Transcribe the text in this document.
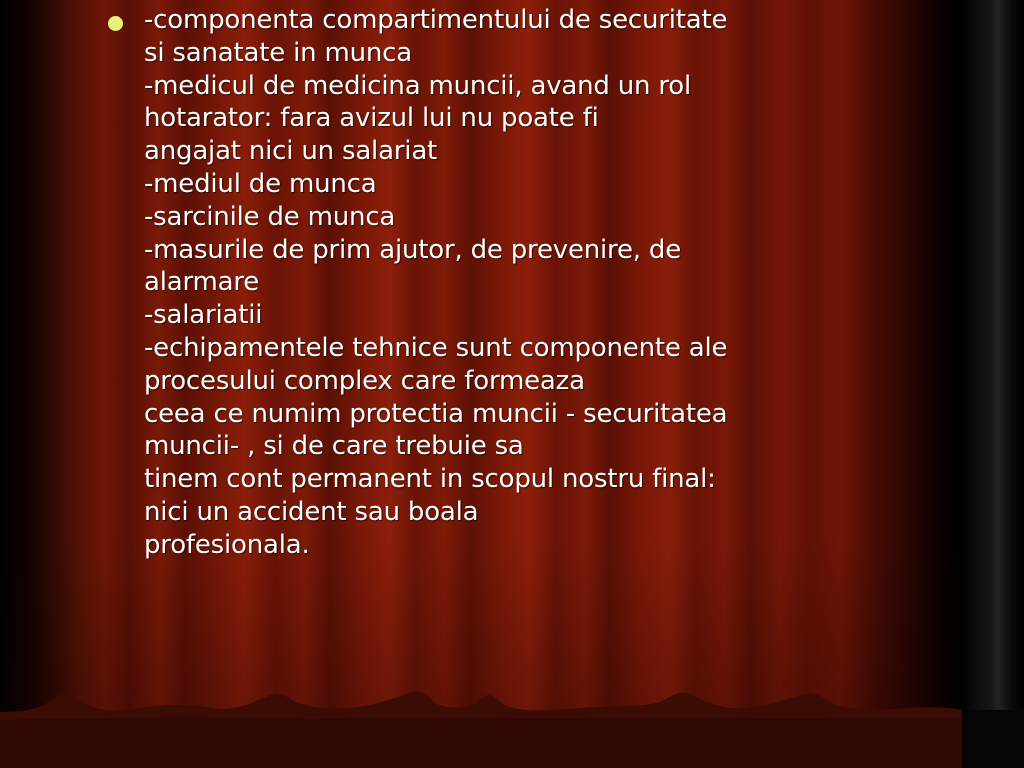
-componenta compartimentului de securitate
si sanatate in munca
-medicul de medicina muncii, avand un rol
hotarator: fara avizul lui nu poate fi
angajat nici un salariat
-mediul de munca
-sarcinile de munca
-masurile de prim ajutor, de prevenire, de
alarmare
-salariatii
-echipamentele tehnice sunt componente ale
procesului complex care formeaza
ceea ce numim protectia muncii - securitatea
muncii- , si de care trebuie sa
tinem cont permanent in scopul nostru final:
nici un accident sau boala
profesionala.
